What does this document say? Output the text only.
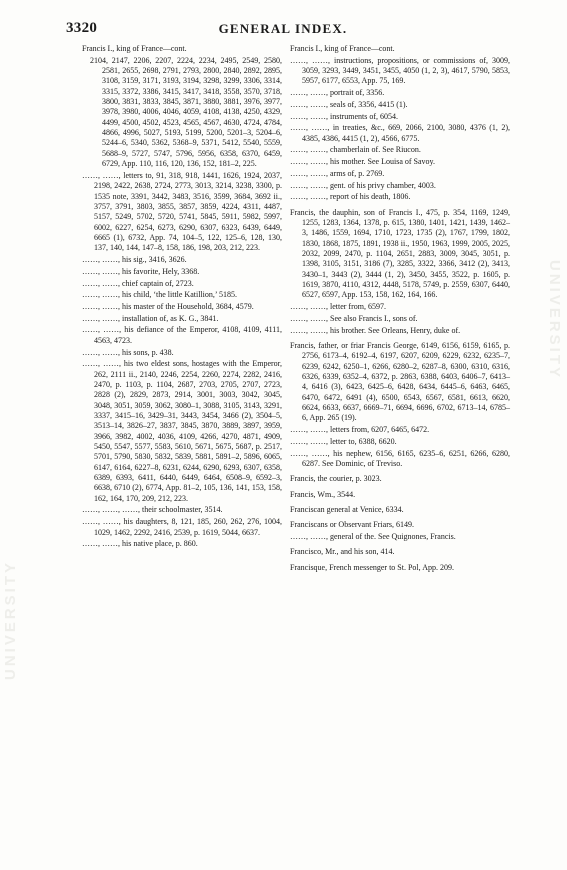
3320	GENERAL INDEX.
UNIVERSITY
UNIVERSITY
Francis I., king of France—cont.
2104, 2147, 2206, 2207, 2224, 2234, 2495, 2549, 2580, 2581, 2655, 2698, 2791, 2793, 2800, 2840, 2892, 2895, 3108, 3159, 3171, 3193, 3194, 3298, 3299, 3306, 3314, 3315, 3372, 3386, 3415, 3417, 3418, 3558, 3570, 3718, 3800, 3831, 3833, 3845, 3871, 3880, 3881, 3976, 3977, 3978, 3980, 4006, 4046, 4059, 4108, 4138, 4250, 4329, 4499, 4500, 4502, 4523, 4565, 4567, 4630, 4724, 4784, 4866, 4996, 5027, 5193, 5199, 5200, 5201–3, 5204–6, 5244–6, 5340, 5362, 5368–9, 5371, 5412, 5540, 5559, 5688–9, 5727, 5747, 5796, 5956, 6358, 6370, 6459, 6729, App. 110, 116, 120, 136, 152, 181–2, 225.
……, ……, letters to, 91, 318, 918, 1441, 1626, 1924, 2037, 2198, 2422, 2638, 2724, 2773, 3013, 3214, 3238, 3300, p. 1535 note, 3391, 3442, 3483, 3516, 3599, 3684, 3692 ii., 3757, 3791, 3803, 3855, 3857, 3859, 4224, 4311, 4487, 5157, 5249, 5702, 5720, 5741, 5845, 5911, 5982, 5997, 6002, 6227, 6254, 6273, 6290, 6307, 6323, 6439, 6449, 6665 (1), 6732, App. 74, 104–5, 122, 125–6, 128, 130, 137, 140, 144, 147–8, 158, 186, 198, 203, 212, 223.
……, ……, his sig., 3416, 3626.
……, ……, his favorite, Hely, 3368.
……, ……, chief captain of, 2723.
……, ……, his child, ‘the little Katillion,’ 5185.
……, ……, his master of the Household, 3684, 4579.
……, ……, installation of, as K. G., 3841.
……, ……, his defiance of the Emperor, 4108, 4109, 4111, 4563, 4723.
……, ……, his sons, p. 438.
……, ……, his two eldest sons, hostages with the Emperor, 262, 2111 ii., 2140, 2246, 2254, 2260, 2274, 2282, 2416, 2470, p. 1103, p. 1104, 2687, 2703, 2705, 2707, 2723, 2828 (2), 2829, 2873, 2914, 3001, 3003, 3042, 3045, 3048, 3051, 3059, 3062, 3080–1, 3088, 3105, 3143, 3291, 3337, 3415–16, 3429–31, 3443, 3454, 3466 (2), 3504–5, 3513–14, 3826–27, 3837, 3845, 3870, 3889, 3897, 3959, 3966, 3982, 4002, 4036, 4109, 4266, 4270, 4871, 4909, 5450, 5547, 5577, 5583, 5610, 5671, 5675, 5687, p. 2517, 5701, 5790, 5830, 5832, 5839, 5881, 5891–2, 5896, 6065, 6147, 6164, 6227–8, 6231, 6244, 6290, 6293, 6307, 6358, 6389, 6393, 6411, 6440, 6449, 6464, 6508–9, 6592–3, 6638, 6710 (2), 6774, App. 81–2, 105, 136, 141, 153, 158, 162, 164, 170, 209, 212, 223.
……, ……, ……, their schoolmaster, 3514.
……, ……, his daughters, 8, 121, 185, 260, 262, 276, 1004, 1029, 1462, 2292, 2416, 2539, p. 1619, 5044, 6637.
……, ……, his native place, p. 860.
Francis I., king of France—cont.
……, ……, instructions, propositions, or commissions of, 3009, 3059, 3293, 3449, 3451, 3455, 4050 (1, 2, 3), 4617, 5790, 5853, 5957, 6177, 6553, App. 75, 169.
……, ……, portrait of, 3356.
……, ……, seals of, 3356, 4415 (1).
……, ……, instruments of, 6054.
……, ……, in treaties, &c., 669, 2066, 2100, 3080, 4376 (1, 2), 4385, 4386, 4415 (1, 2), 4566, 6775.
……, ……, chamberlain of. See Riucon.
……, ……, his mother. See Louisa of Savoy.
……, ……, arms of, p. 2769.
……, ……, gent. of his privy chamber, 4003.
……, ……, report of his death, 1806.
Francis, the dauphin, son of Francis I., 475, p. 354, 1169, 1249, 1255, 1283, 1364, 1378, p. 615, 1380, 1401, 1421, 1439, 1462–3, 1486, 1559, 1694, 1710, 1723, 1735 (2), 1767, 1799, 1802, 1830, 1868, 1875, 1891, 1938 ii., 1950, 1963, 1999, 2005, 2025, 2032, 2099, 2470, p. 1104, 2651, 2883, 3009, 3045, 3051, p. 1398, 3105, 3151, 3186 (7), 3285, 3322, 3366, 3412 (2), 3413, 3430–1, 3443 (2), 3444 (1, 2), 3450, 3455, 3522, p. 1605, p. 1619, 3870, 4110, 4312, 4448, 5178, 5749, p. 2559, 6307, 6440, 6527, 6597, App. 153, 158, 162, 164, 166.
……, ……, letter from, 6597.
……, ……, See also Francis I., sons of.
……, ……, his brother. See Orleans, Henry, duke of.
Francis, father, or friar Francis George, 6149, 6156, 6159, 6165, p. 2756, 6173–4, 6192–4, 6197, 6207, 6209, 6229, 6232, 6235–7, 6239, 6242, 6250–1, 6266, 6280–2, 6287–8, 6300, 6310, 6316, 6326, 6339, 6352–4, 6372, p. 2863, 6388, 6403, 6406–7, 6413–4, 6416 (3), 6423, 6425–6, 6428, 6434, 6445–6, 6463, 6465, 6470, 6472, 6491 (4), 6500, 6543, 6567, 6581, 6613, 6620, 6624, 6633, 6637, 6669–71, 6694, 6696, 6702, 6713–14, 6785–6, App. 265 (19).
……, ……, letters from, 6207, 6465, 6472.
……, ……, letter to, 6388, 6620.
……, ……, his nephew, 6156, 6165, 6235–6, 6251, 6266, 6280, 6287. See Dominic, of Treviso.
Francis, the courier, p. 3023.
Francis, Wm., 3544.
Franciscan general at Venice, 6334.
Franciscans or Observant Friars, 6149.
……, ……, general of the. See Quignones, Francis.
Francisco, Mr., and his son, 414.
Francisque, French messenger to St. Pol, App. 209.
